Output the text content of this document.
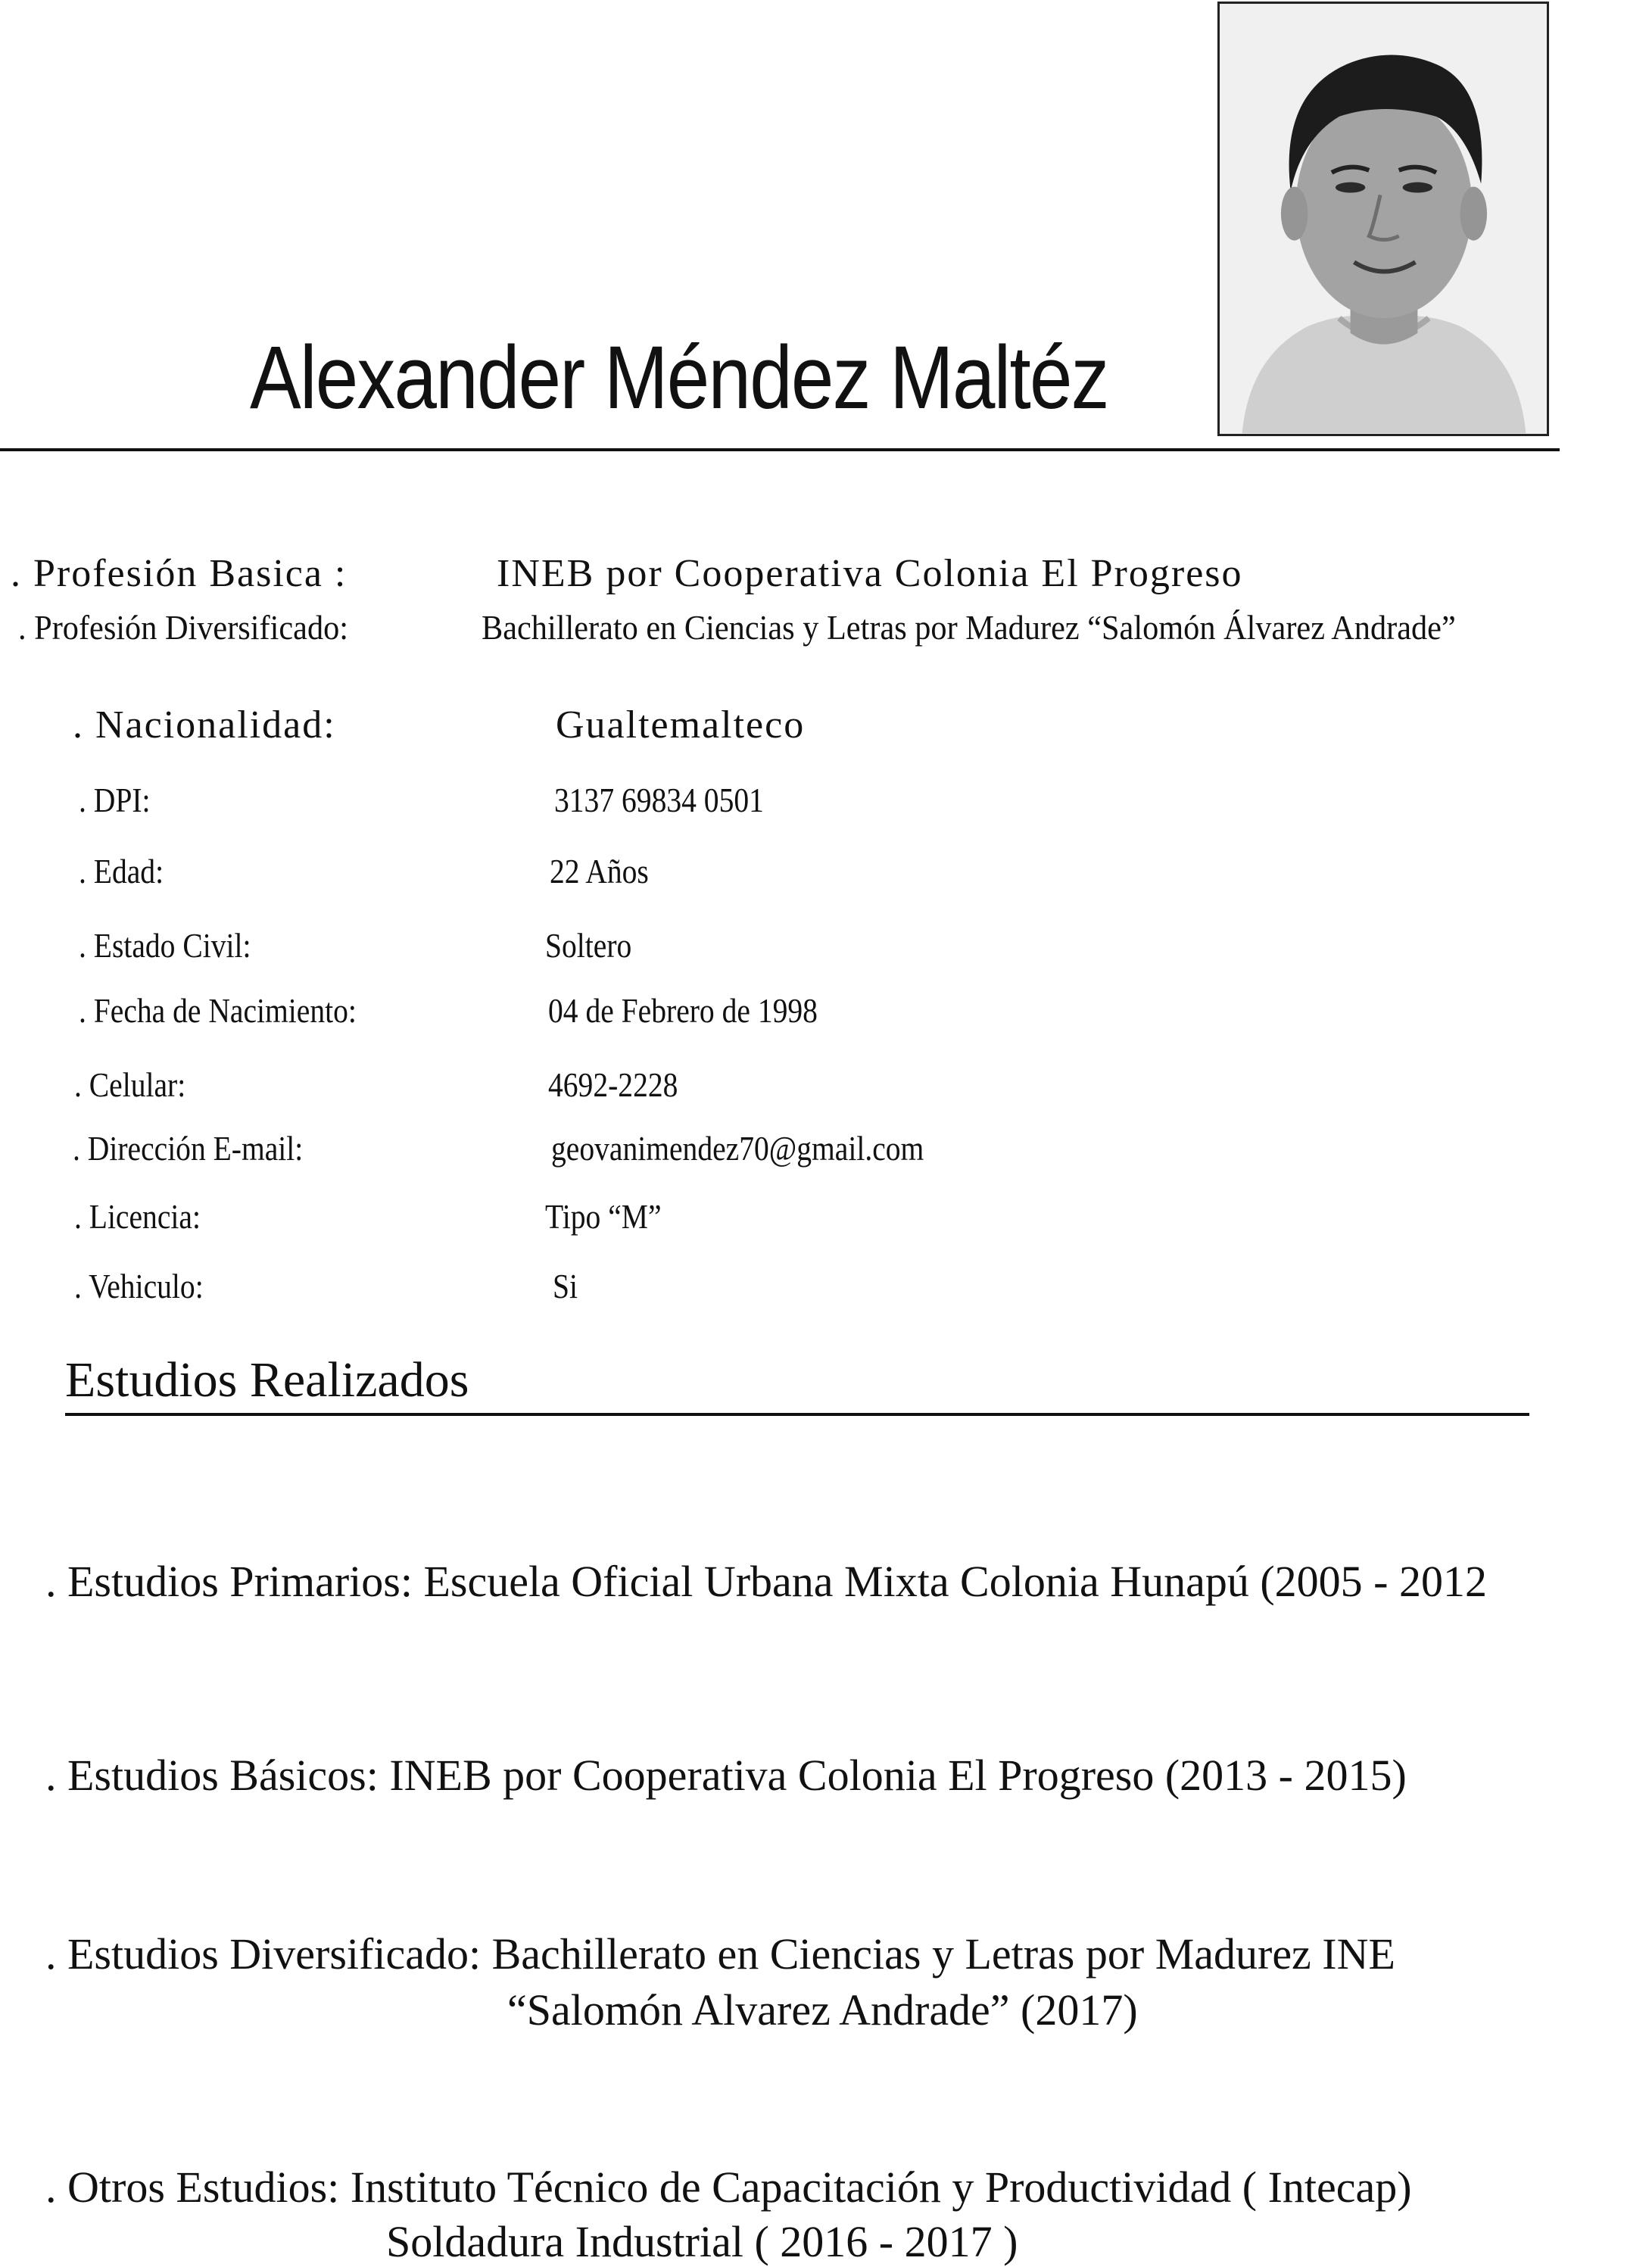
Alexander Méndez Maltéz
. Profesión Basica :	INEB por Cooperativa Colonia El Progreso
. Profesión Diversificado:	Bachillerato en Ciencias y Letras por Madurez “Salomón Álvarez Andrade”
. Nacionalidad:	Gualtemalteco
. DPI:	3137 69834 0501
. Edad:	22 Años
. Estado Civil:	Soltero
. Fecha de Nacimiento:	04 de Febrero de 1998
. Celular:	4692-2228
. Dirección E-mail:	geovanimendez70@gmail.com
. Licencia:	Tipo “M”
. Vehiculo:	Si
Estudios Realizados
. Estudios Primarios: Escuela Oficial Urbana Mixta Colonia Hunapú (2005 - 2012
. Estudios Básicos: INEB por Cooperativa Colonia El Progreso (2013 - 2015)
. Estudios Diversificado: Bachillerato en Ciencias y Letras por Madurez INE
“Salomón Alvarez Andrade” (2017)
. Otros Estudios: Instituto Técnico de Capacitación y Productividad ( Intecap)
Soldadura Industrial ( 2016 - 2017 )
